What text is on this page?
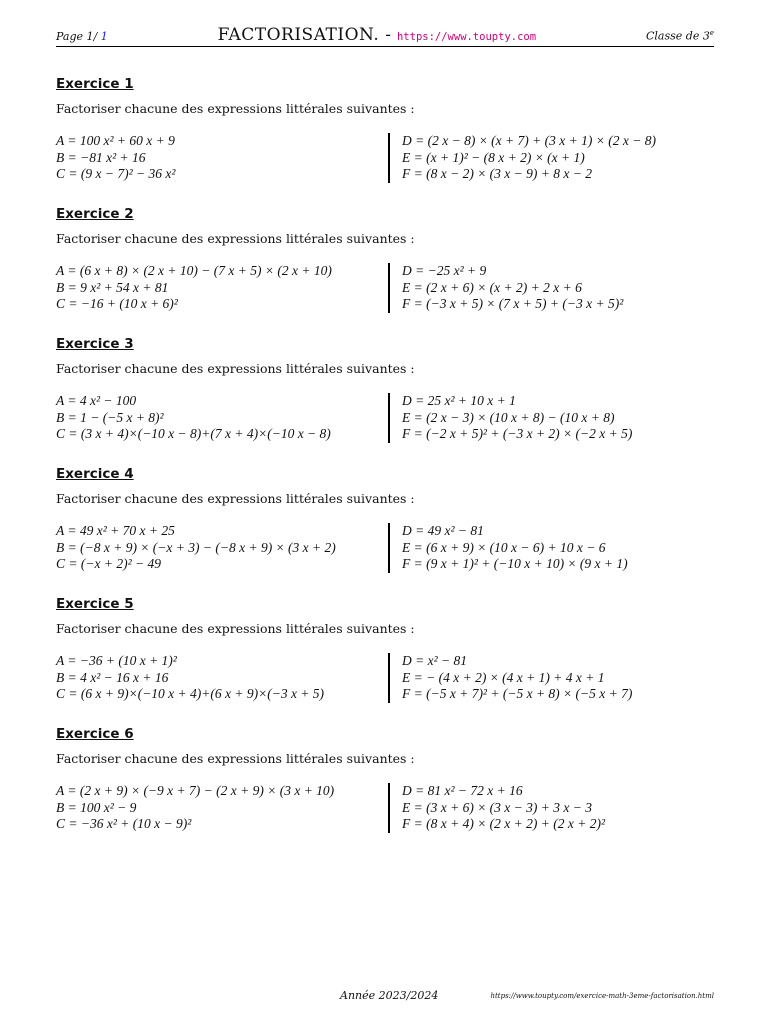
Page 1/ 1	FACTORISATION. - https://www.toupty.com	Classe de 3e
Exercice 1
Factoriser chacune des expressions littérales suivantes :
A = 100 x² + 60 x + 9
B = −81 x² + 16
C = (9 x − 7)² − 36 x²
D = (2 x − 8) × (x + 7) + (3 x + 1) × (2 x − 8)
E = (x + 1)² − (8 x + 2) × (x + 1)
F = (8 x − 2) × (3 x − 9) + 8 x − 2
Exercice 2
Factoriser chacune des expressions littérales suivantes :
A = (6 x + 8) × (2 x + 10) − (7 x + 5) × (2 x + 10)
B = 9 x² + 54 x + 81
C = −16 + (10 x + 6)²
D = −25 x² + 9
E = (2 x + 6) × (x + 2) + 2 x + 6
F = (−3 x + 5) × (7 x + 5) + (−3 x + 5)²
Exercice 3
Factoriser chacune des expressions littérales suivantes :
A = 4 x² − 100
B = 1 − (−5 x + 8)²
C = (3 x + 4)×(−10 x − 8)+(7 x + 4)×(−10 x − 8)
D = 25 x² + 10 x + 1
E = (2 x − 3) × (10 x + 8) − (10 x + 8)
F = (−2 x + 5)² + (−3 x + 2) × (−2 x + 5)
Exercice 4
Factoriser chacune des expressions littérales suivantes :
A = 49 x² + 70 x + 25
B = (−8 x + 9) × (−x + 3) − (−8 x + 9) × (3 x + 2)
C = (−x + 2)² − 49
D = 49 x² − 81
E = (6 x + 9) × (10 x − 6) + 10 x − 6
F = (9 x + 1)² + (−10 x + 10) × (9 x + 1)
Exercice 5
Factoriser chacune des expressions littérales suivantes :
A = −36 + (10 x + 1)²
B = 4 x² − 16 x + 16
C = (6 x + 9)×(−10 x + 4)+(6 x + 9)×(−3 x + 5)
D = x² − 81
E = − (4 x + 2) × (4 x + 1) + 4 x + 1
F = (−5 x + 7)² + (−5 x + 8) × (−5 x + 7)
Exercice 6
Factoriser chacune des expressions littérales suivantes :
A = (2 x + 9) × (−9 x + 7) − (2 x + 9) × (3 x + 10)
B = 100 x² − 9
C = −36 x² + (10 x − 9)²
D = 81 x² − 72 x + 16
E = (3 x + 6) × (3 x − 3) + 3 x − 3
F = (8 x + 4) × (2 x + 2) + (2 x + 2)²
Année 2023/2024	https://www.toupty.com/exercice-math-3eme-factorisation.html
